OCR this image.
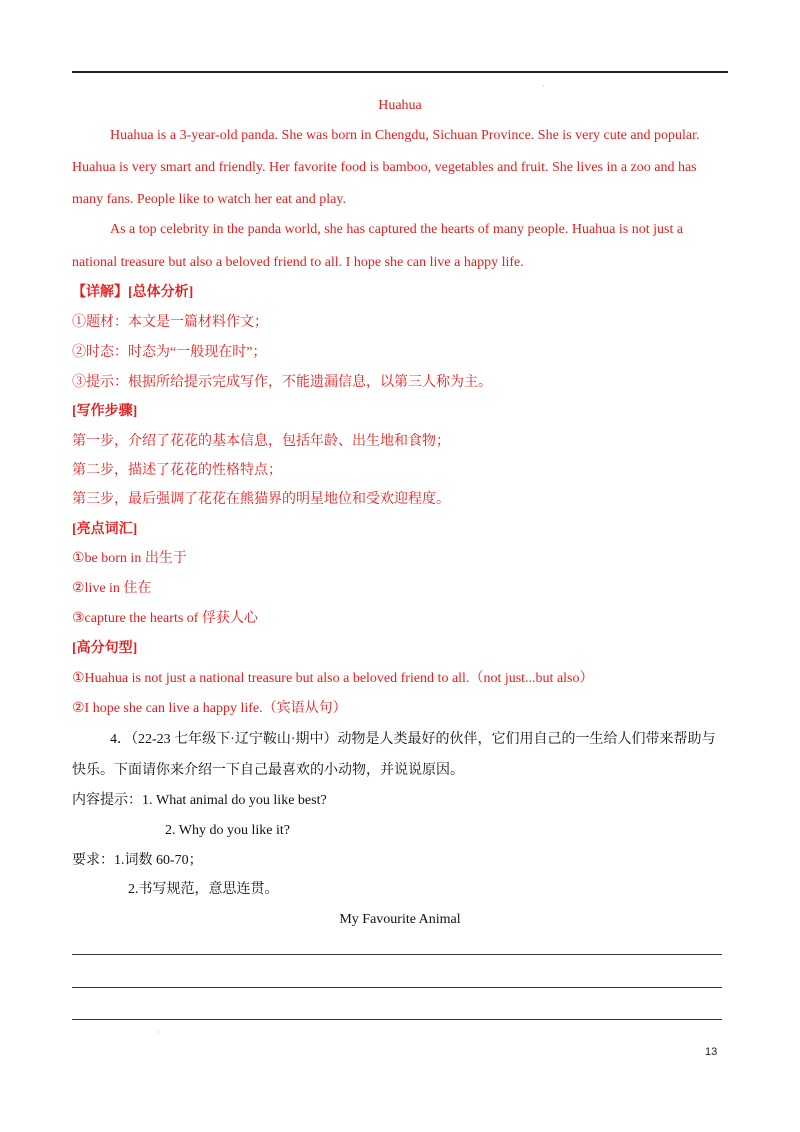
·
Huahua
Huahua is a 3-year-old panda. She was born in Chengdu, Sichuan Province. She is very cute and popular.
Huahua is very smart and friendly. Her favorite food is bamboo, vegetables and fruit. She lives in a zoo and has
many fans. People like to watch her eat and play.
As a top celebrity in the panda world, she has captured the hearts of many people. Huahua is not just a
national treasure but also a beloved friend to all. I hope she can live a happy life.
【详解】[总体分析]
①题材：本文是一篇材料作文；
②时态：时态为“一般现在时”；
③提示：根据所给提示完成写作，不能遗漏信息，以第三人称为主。
[写作步骤]
第一步，介绍了花花的基本信息，包括年龄、出生地和食物；
第二步，描述了花花的性格特点；
第三步，最后强调了花花在熊猫界的明星地位和受欢迎程度。
[亮点词汇]
①be born in 出生于
②live in 住在
③capture the hearts of 俘获人心
[高分句型]
①Huahua is not just a national treasure but also a beloved friend to all.（not just...but also）
②I hope she can live a happy life.（宾语从句）
4．（22-23 七年级下·辽宁鞍山·期中）动物是人类最好的伙伴，它们用自己的一生给人们带来帮助与
快乐。下面请你来介绍一下自己最喜欢的小动物，并说说原因。
内容提示：1. What animal do you like best?
2. Why do you like it?
要求：1.词数 60-70；
2.书写规范，意思连贯。
My Favourite Animal
·
13
